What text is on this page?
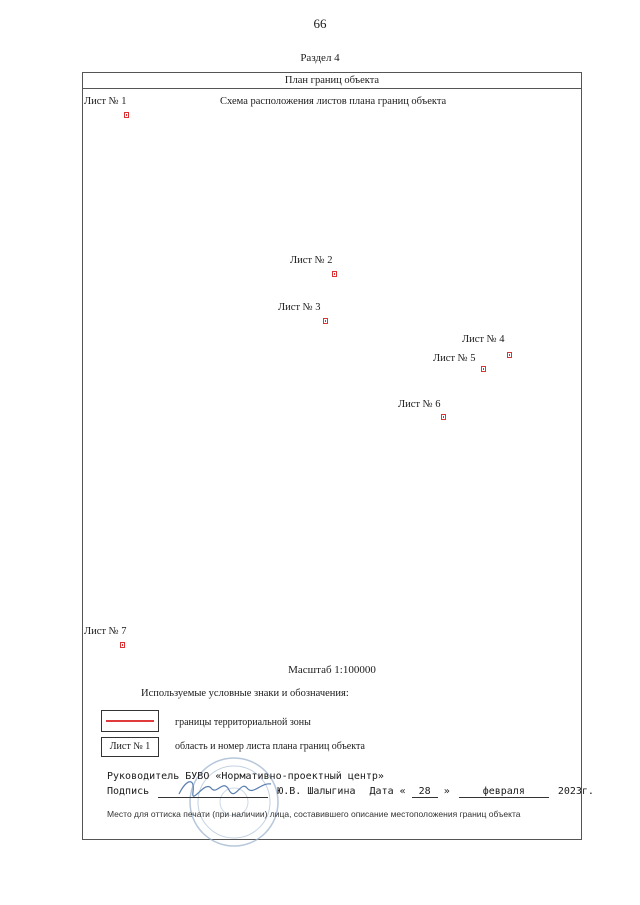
66
Раздел 4
План границ объекта
Схема расположения листов плана границ объекта
Лист № 1
Лист № 2
Лист № 3
Лист № 4
Лист № 5
Лист № 6
Лист № 7
Масштаб 1:100000
Используемые условные знаки и обозначения:
границы территориальной зоны
Лист № 1	область и номер листа плана границ объекта
Руководитель БУВО «Нормативно-проектный центр»
Подпись	Ю.В. Шалыгина Дата « 28 »	февраля	2023г.
Место для оттиска печати (при наличии) лица, составившего описание местоположения границ объекта
